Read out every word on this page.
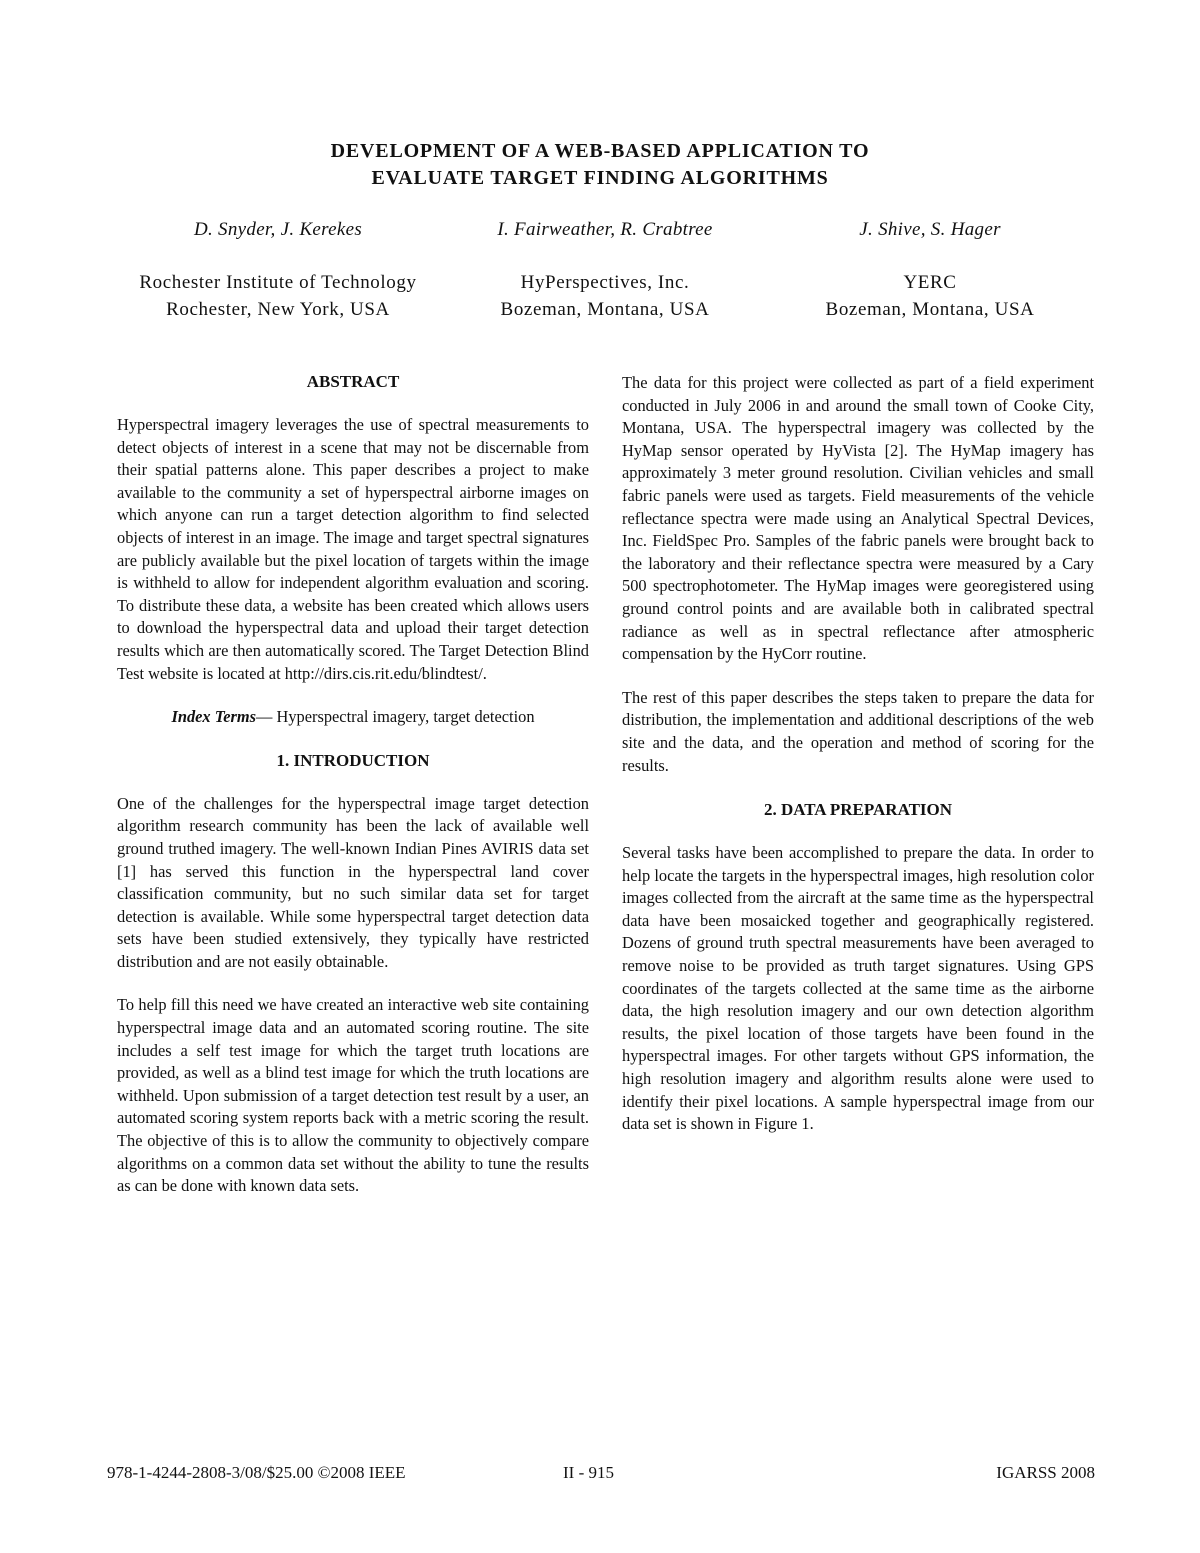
DEVELOPMENT OF A WEB-BASED APPLICATION TO
EVALUATE TARGET FINDING ALGORITHMS
D. Snyder, J. Kerekes
Rochester Institute of Technology
Rochester, New York, USA
I. Fairweather, R. Crabtree
HyPerspectives, Inc.
Bozeman, Montana, USA
J. Shive, S. Hager
YERC
Bozeman, Montana, USA
ABSTRACT

Hyperspectral imagery leverages the use of spectral measurements to detect objects of interest in a scene that may not be discernable from their spatial patterns alone. This paper describes a project to make available to the community a set of hyperspectral airborne images on which anyone can run a target detection algorithm to find selected objects of interest in an image. The image and target spectral signatures are publicly available but the pixel location of targets within the image is withheld to allow for independent algorithm evaluation and scoring. To distribute these data, a website has been created which allows users to download the hyperspectral data and upload their target detection results which are then automatically scored. The Target Detection Blind Test website is located at http://dirs.cis.rit.edu/blindtest/.

Index Terms— Hyperspectral imagery, target detection

1. INTRODUCTION

One of the challenges for the hyperspectral image target detection algorithm research community has been the lack of available well ground truthed imagery. The well-known Indian Pines AVIRIS data set [1] has served this function in the hyperspectral land cover classification community, but no such similar data set for target detection is available. While some hyperspectral target detection data sets have been studied extensively, they typically have restricted distribution and are not easily obtainable.

To help fill this need we have created an interactive web site containing hyperspectral image data and an automated scoring routine. The site includes a self test image for which the target truth locations are provided, as well as a blind test image for which the truth locations are withheld. Upon submission of a target detection test result by a user, an automated scoring system reports back with a metric scoring the result. The objective of this is to allow the community to objectively compare algorithms on a common data set without the ability to tune the results as can be done with known data sets.

The data for this project were collected as part of a field experiment conducted in July 2006 in and around the small town of Cooke City, Montana, USA. The hyperspectral imagery was collected by the HyMap sensor operated by HyVista [2]. The HyMap imagery has approximately 3 meter ground resolution. Civilian vehicles and small fabric panels were used as targets. Field measurements of the vehicle reflectance spectra were made using an Analytical Spectral Devices, Inc. FieldSpec Pro. Samples of the fabric panels were brought back to the laboratory and their reflectance spectra were measured by a Cary 500 spectrophotometer. The HyMap images were georegistered using ground control points and are available both in calibrated spectral radiance as well as in spectral reflectance after atmospheric compensation by the HyCorr routine.

The rest of this paper describes the steps taken to prepare the data for distribution, the implementation and additional descriptions of the web site and the data, and the operation and method of scoring for the results.

2. DATA PREPARATION

Several tasks have been accomplished to prepare the data. In order to help locate the targets in the hyperspectral images, high resolution color images collected from the aircraft at the same time as the hyperspectral data have been mosaicked together and geographically registered. Dozens of ground truth spectral measurements have been averaged to remove noise to be provided as truth target signatures. Using GPS coordinates of the targets collected at the same time as the airborne data, the high resolution imagery and our own detection algorithm results, the pixel location of those targets have been found in the hyperspectral images. For other targets without GPS information, the high resolution imagery and algorithm results alone were used to identify their pixel locations. A sample hyperspectral image from our data set is shown in Figure 1.

978-1-4244-2808-3/08/$25.00 ©2008 IEEE	II - 915	IGARSS 2008
